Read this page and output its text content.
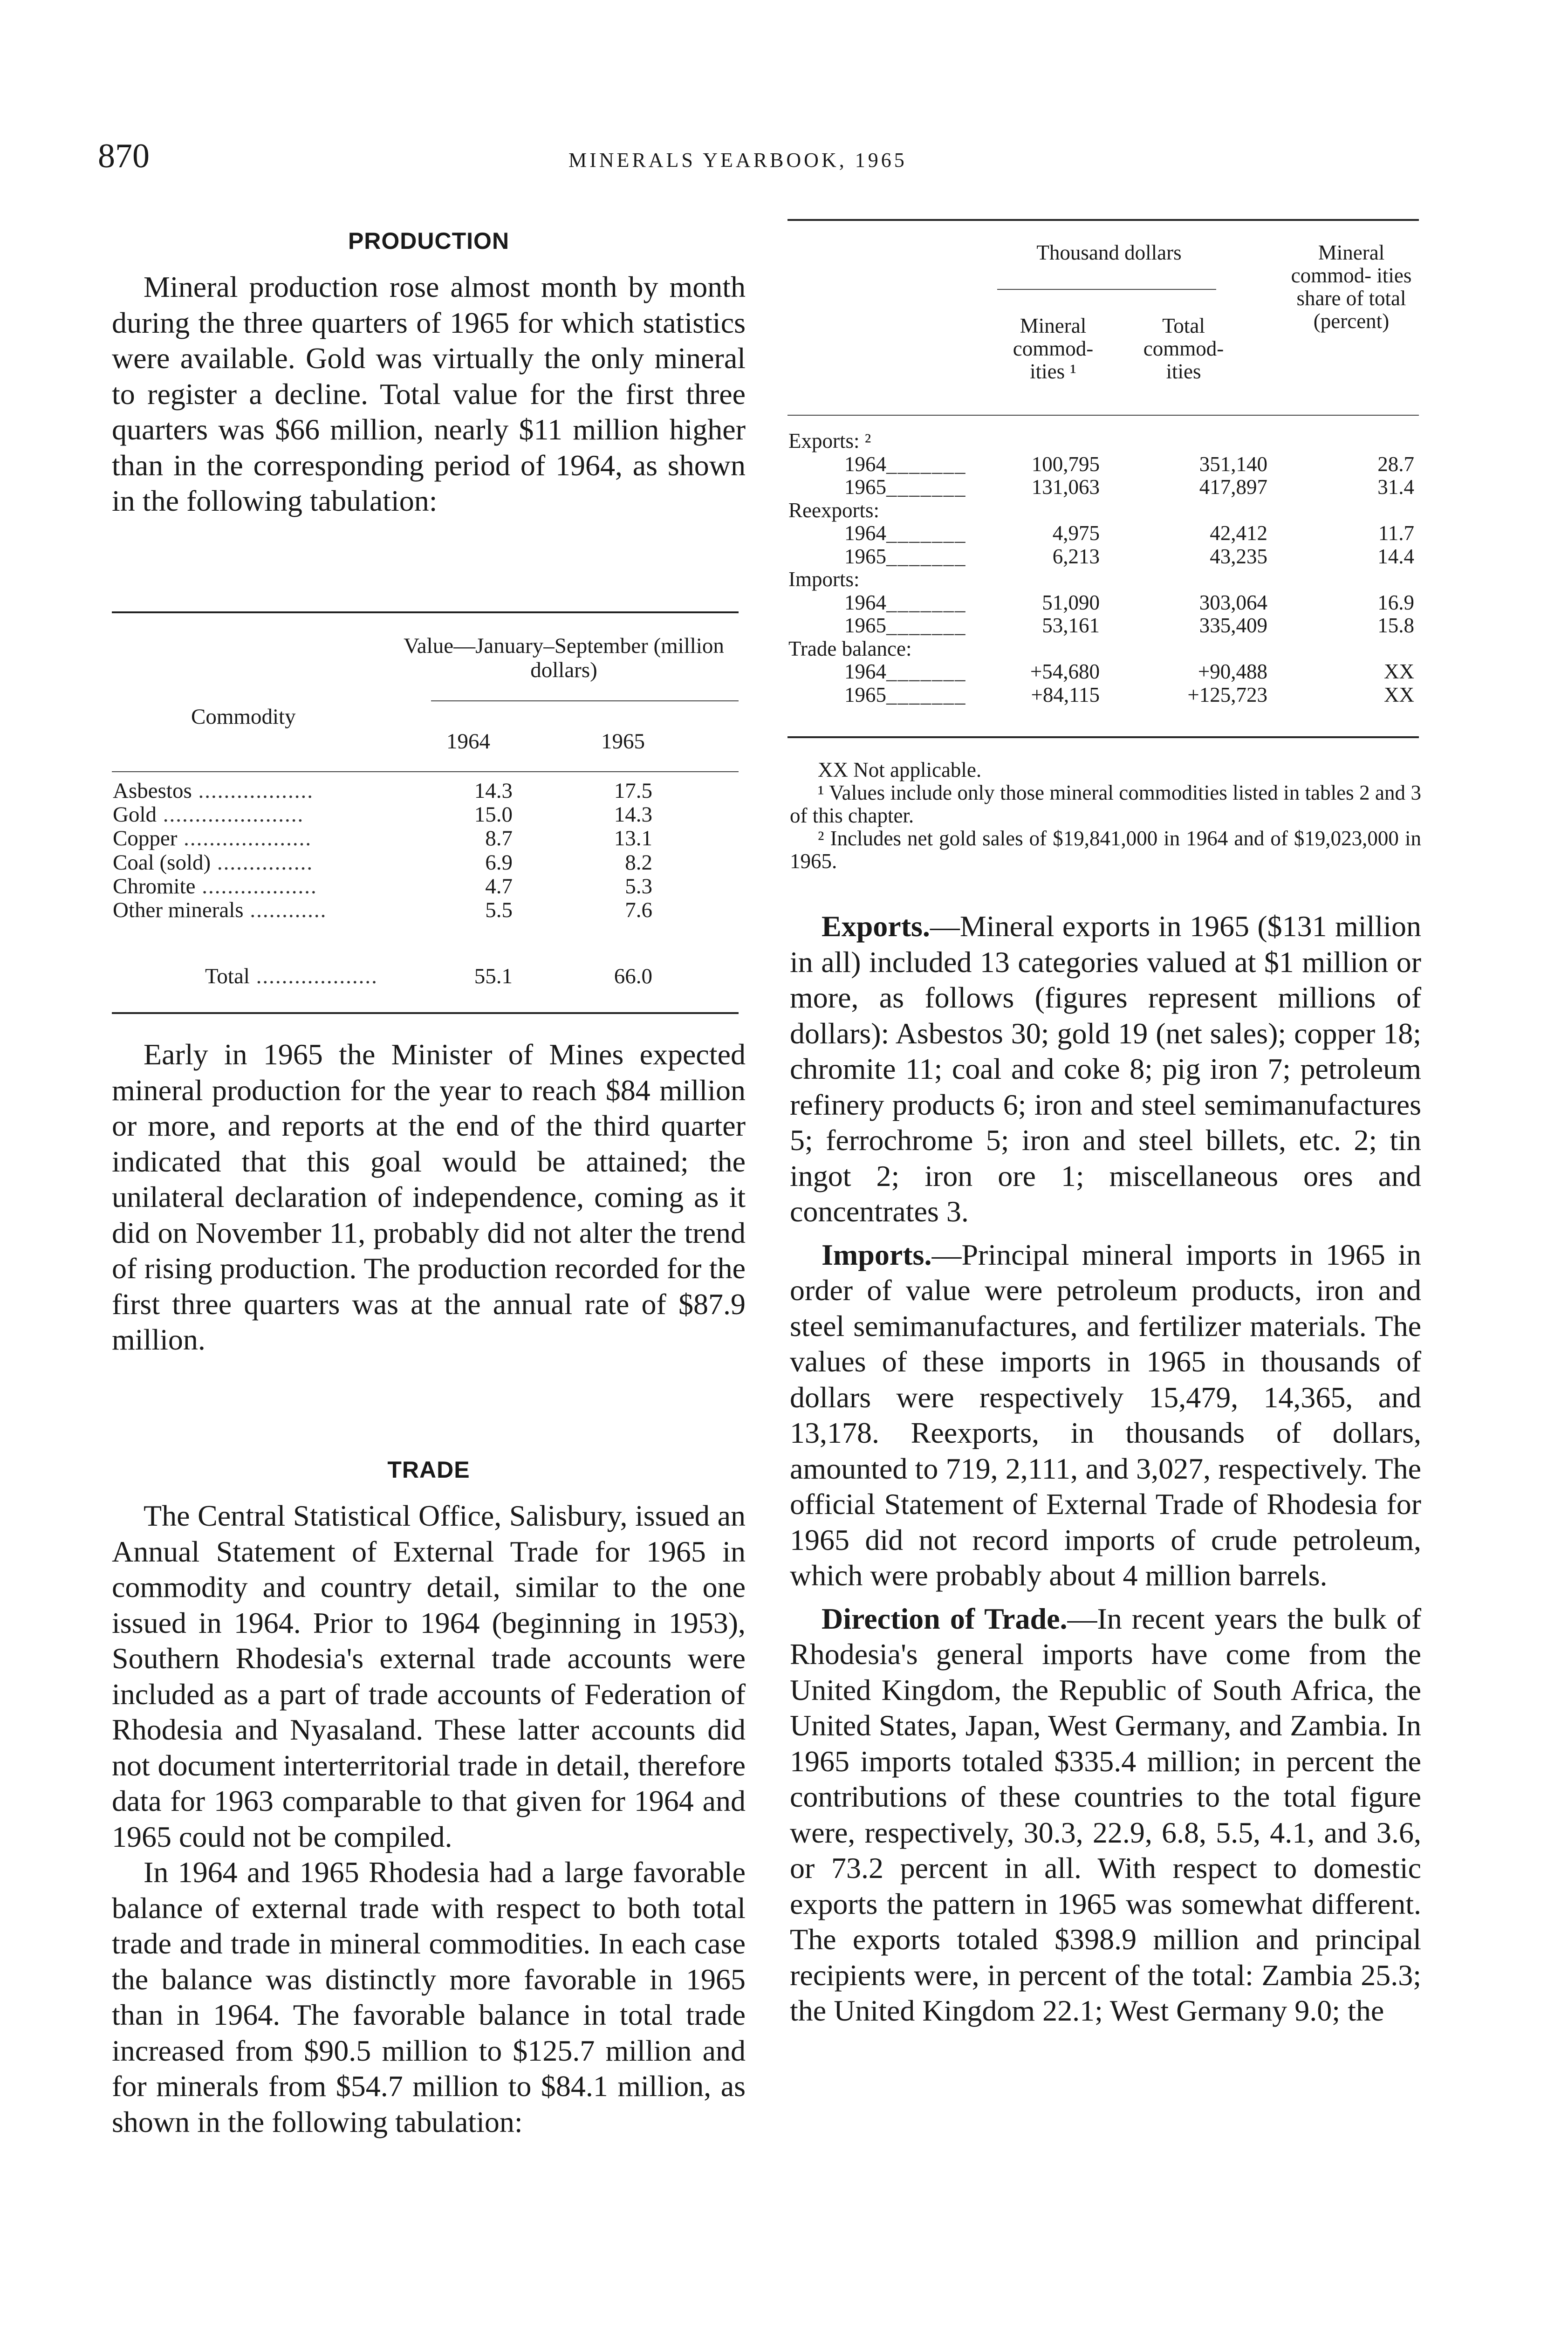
870	MINERALS YEARBOOK, 1965
PRODUCTION

Mineral production rose almost month by month during the three quarters of 1965 for which statistics were available. Gold was virtually the only mineral to register a decline. Total value for the first three quarters was $66 million, nearly $11 million higher than in the corresponding period of 1964, as shown in the following tabulation:

Value—January–September (million dollars)
Commodity
1964	1965
Asbestos ..................	14.3	17.5
Gold ......................	15.0	14.3
Copper ....................	8.7	13.1
Coal (sold) ...............	6.9	8.2
Chromite ..................	4.7	5.3
Other minerals ............	5.5	7.6
Total ...................	55.1	66.0

Early in 1965 the Minister of Mines expected mineral production for the year to reach $84 million or more, and reports at the end of the third quarter indicated that this goal would be attained; the unilateral declaration of independence, coming as it did on November 11, probably did not alter the trend of rising production. The production recorded for the first three quarters was at the annual rate of $87.9 million.

TRADE

The Central Statistical Office, Salisbury, issued an Annual Statement of External Trade for 1965 in commodity and country detail, similar to the one issued in 1964. Prior to 1964 (beginning in 1953), Southern Rhodesia's external trade accounts were included as a part of trade accounts of Federation of Rhodesia and Nyasaland. These latter accounts did not document interterritorial trade in detail, therefore data for 1963 comparable to that given for 1964 and 1965 could not be compiled.

In 1964 and 1965 Rhodesia had a large favorable balance of external trade with respect to both total trade and trade in mineral commodities. In each case the balance was distinctly more favorable in 1965 than in 1964. The favorable balance in total trade increased from $90.5 million to $125.7 million and for minerals from $54.7 million to $84.1 million, as shown in the following tabulation:

Thousand dollars
Mineral commod- ities ¹
Total commod- ities
Mineral commod- ities share of total (percent)
Exports: ²
1964_______	100,795	351,140	28.7
1965_______	131,063	417,897	31.4
Reexports:
1964_______	4,975	42,412	11.7
1965_______	6,213	43,235	14.4
Imports:
1964_______	51,090	303,064	16.9
1965_______	53,161	335,409	15.8
Trade balance:
1964_______	+54,680	+90,488	XX
1965_______	+84,115	+125,723	XX

XX Not applicable.

¹ Values include only those mineral commodities listed in tables 2 and 3 of this chapter.

² Includes net gold sales of $19,841,000 in 1964 and of $19,023,000 in 1965.

Exports.—Mineral exports in 1965 ($131 million in all) included 13 categories valued at $1 million or more, as follows (figures represent millions of dollars): Asbestos 30; gold 19 (net sales); copper 18; chromite 11; coal and coke 8; pig iron 7; petroleum refinery products 6; iron and steel semimanufactures 5; ferrochrome 5; iron and steel billets, etc. 2; tin ingot 2; iron ore 1; miscellaneous ores and concentrates 3.

Imports.—Principal mineral imports in 1965 in order of value were petroleum products, iron and steel semimanufactures, and fertilizer materials. The values of these imports in 1965 in thousands of dollars were respectively 15,479, 14,365, and 13,178. Reexports, in thousands of dollars, amounted to 719, 2,111, and 3,027, respectively. The official Statement of External Trade of Rhodesia for 1965 did not record imports of crude petroleum, which were probably about 4 million barrels.

Direction of Trade.—In recent years the bulk of Rhodesia's general imports have come from the United Kingdom, the Republic of South Africa, the United States, Japan, West Germany, and Zambia. In 1965 imports totaled $335.4 million; in percent the contributions of these countries to the total figure were, respectively, 30.3, 22.9, 6.8, 5.5, 4.1, and 3.6, or 73.2 percent in all. With respect to domestic exports the pattern in 1965 was somewhat different. The exports totaled $398.9 million and principal recipients were, in percent of the total: Zambia 25.3; the United Kingdom 22.1; West Germany 9.0; the
